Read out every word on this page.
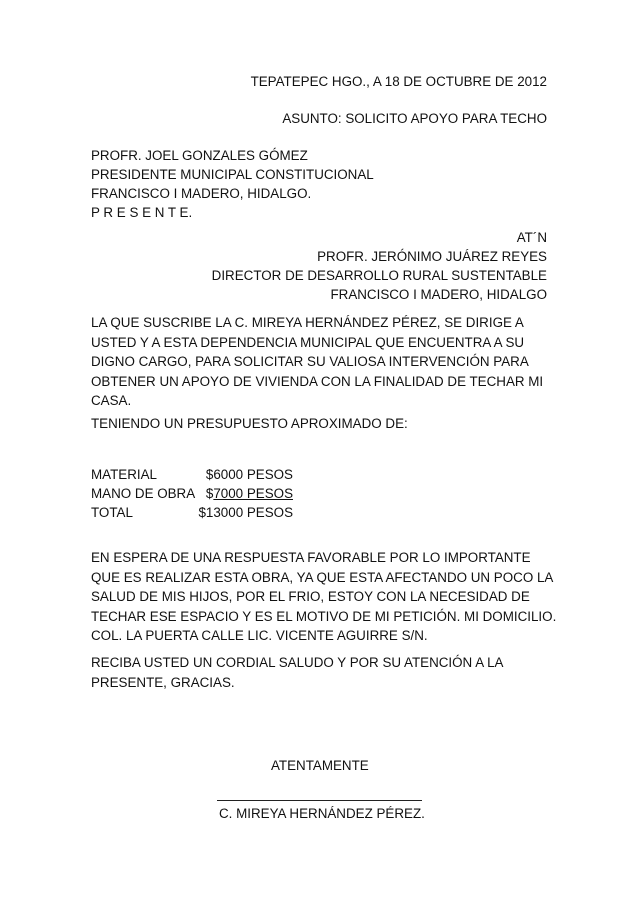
TEPATEPEC HGO., A 18 DE OCTUBRE DE 2012
ASUNTO: SOLICITO APOYO PARA TECHO
PROFR. JOEL GONZALES GÓMEZ
PRESIDENTE MUNICIPAL CONSTITUCIONAL
FRANCISCO I MADERO, HIDALGO.
P R E S E N T E.
AT´N
PROFR. JERÓNIMO JUÁREZ REYES
DIRECTOR DE DESARROLLO RURAL SUSTENTABLE
FRANCISCO I MADERO, HIDALGO
LA QUE SUSCRIBE LA C. MIREYA HERNÁNDEZ PÉREZ, SE DIRIGE A
USTED Y A ESTA DEPENDENCIA MUNICIPAL QUE ENCUENTRA A SU
DIGNO CARGO, PARA SOLICITAR SU VALIOSA INTERVENCIÓN PARA
OBTENER UN APOYO DE VIVIENDA CON LA FINALIDAD DE TECHAR MI
CASA.
TENIENDO UN PRESUPUESTO APROXIMADO DE:
MATERIAL	$6000 PESOS
MANO DE OBRA $7000 PESOS
TOTAL	$13000 PESOS
EN ESPERA DE UNA RESPUESTA FAVORABLE POR LO IMPORTANTE
QUE ES REALIZAR ESTA OBRA, YA QUE ESTA AFECTANDO UN POCO LA
SALUD DE MIS HIJOS, POR EL FRIO, ESTOY CON LA NECESIDAD DE
TECHAR ESE ESPACIO Y ES EL MOTIVO DE MI PETICIÓN. MI DOMICILIO.
COL. LA PUERTA CALLE LIC. VICENTE AGUIRRE S/N.
RECIBA USTED UN CORDIAL SALUDO Y POR SU ATENCIÓN A LA
PRESENTE, GRACIAS.
ATENTAMENTE
C. MIREYA HERNÁNDEZ PÉREZ.
